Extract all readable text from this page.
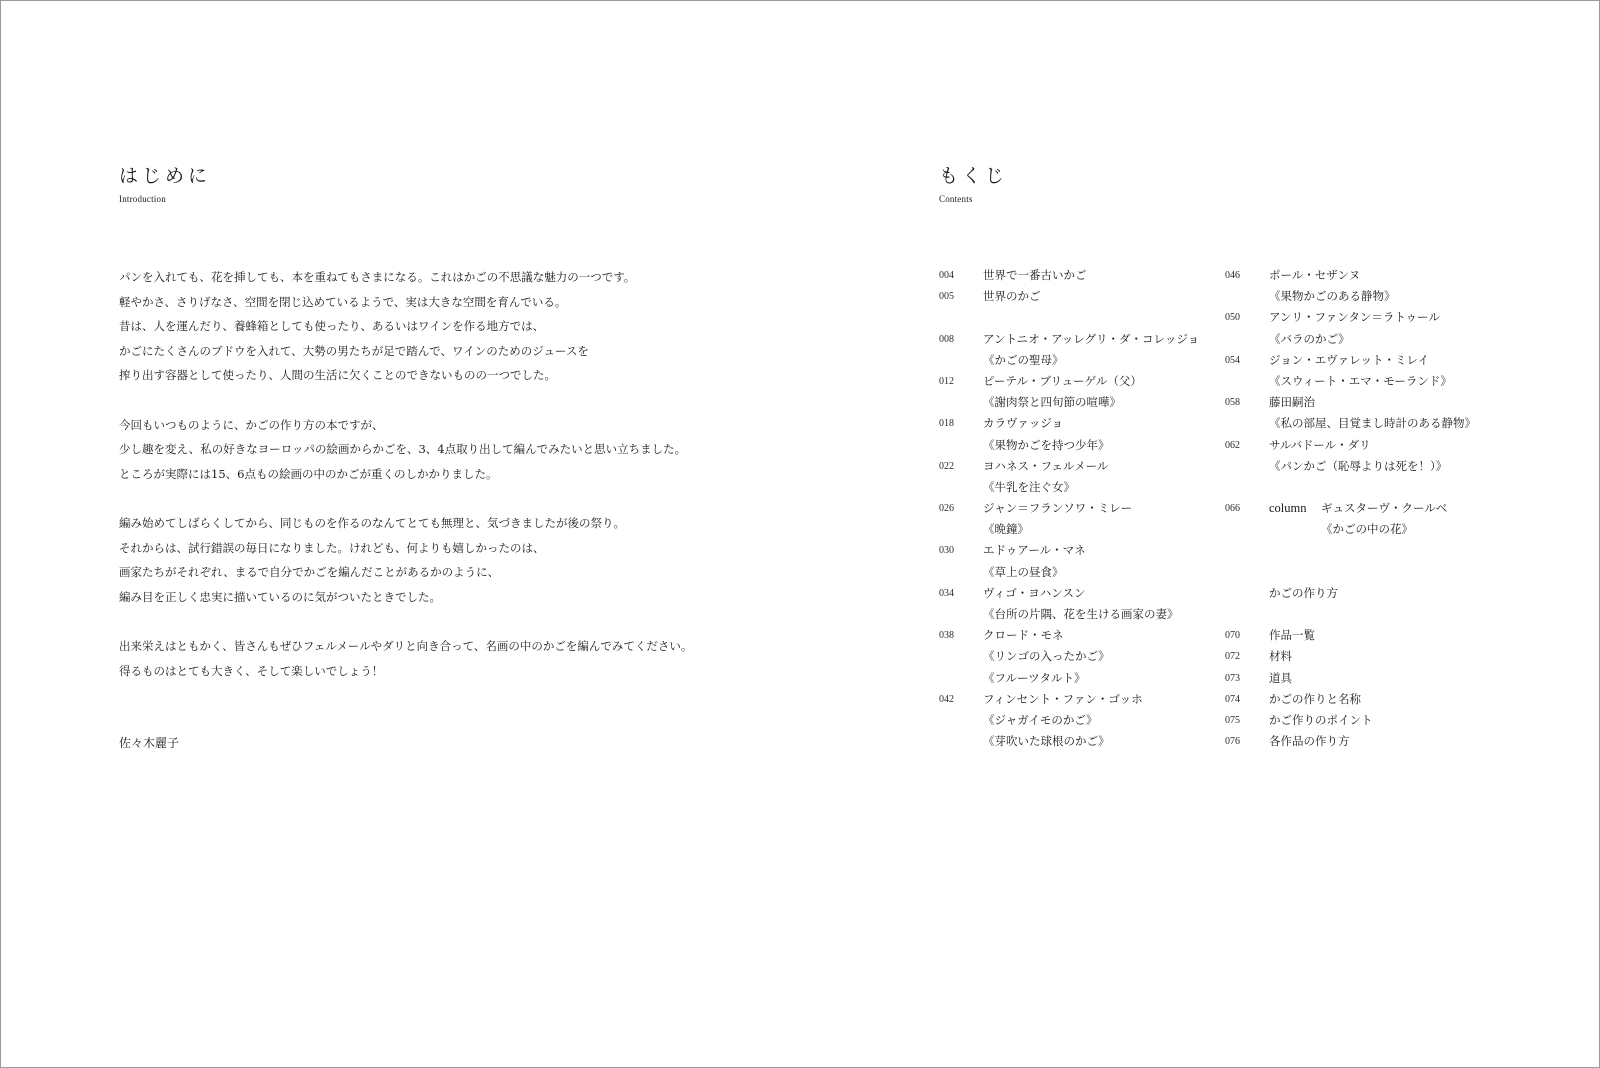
はじめに
Introduction
パンを入れても、花を挿しても、本を重ねてもさまになる。これはかごの不思議な魅力の一つです。
軽やかさ、さりげなさ、空間を閉じ込めているようで、実は大きな空間を育んでいる。
昔は、人を運んだり、養蜂箱としても使ったり、あるいはワインを作る地方では、
かごにたくさんのブドウを入れて、大勢の男たちが足で踏んで、ワインのためのジュースを
搾り出す容器として使ったり、人間の生活に欠くことのできないものの一つでした。
今回もいつものように、かごの作り方の本ですが、
少し趣を変え、私の好きなヨーロッパの絵画からかごを、3、4点取り出して編んでみたいと思い立ちました。
ところが実際には15、6点もの絵画の中のかごが重くのしかかりました。
編み始めてしばらくしてから、同じものを作るのなんてとても無理と、気づきましたが後の祭り。
それからは、試行錯誤の毎日になりました。けれども、何よりも嬉しかったのは、
画家たちがそれぞれ、まるで自分でかごを編んだことがあるかのように、
編み目を正しく忠実に描いているのに気がついたときでした。
出来栄えはともかく、皆さんもぜひフェルメールやダリと向き合って、名画の中のかごを編んでみてください。
得るものはとても大きく、そして楽しいでしょう！
佐々木麗子
もくじ
Contents
004	世界で一番古いかご
005	世界のかご
008	アントニオ・アッレグリ・ダ・コレッジョ
《かごの聖母》
012	ピーテル・ブリューゲル（父）
《謝肉祭と四旬節の喧嘩》
018	カラヴァッジョ
《果物かごを持つ少年》
022	ヨハネス・フェルメール
《牛乳を注ぐ女》
026	ジャン＝フランソワ・ミレー
《晩鐘》
030	エドゥアール・マネ
《草上の昼食》
034	ヴィゴ・ヨハンスン
《台所の片隅、花を生ける画家の妻》
038	クロード・モネ
《リンゴの入ったかご》
《フルーツタルト》
042	フィンセント・ファン・ゴッホ
《ジャガイモのかご》
《芽吹いた球根のかご》
046	ポール・セザンヌ
《果物かごのある静物》
050	アンリ・ファンタン＝ラトゥール
《バラのかご》
054	ジョン・エヴァレット・ミレイ
《スウィート・エマ・モーランド》
058	藤田嗣治
《私の部屋、目覚まし時計のある静物》
062	サルバドール・ダリ
《パンかご（恥辱よりは死を！）》
066	column ギュスターヴ・クールベ
《かごの中の花》
かごの作り方
070	作品一覧
072	材料
073	道具
074	かごの作りと名称
075	かご作りのポイント
076	各作品の作り方
